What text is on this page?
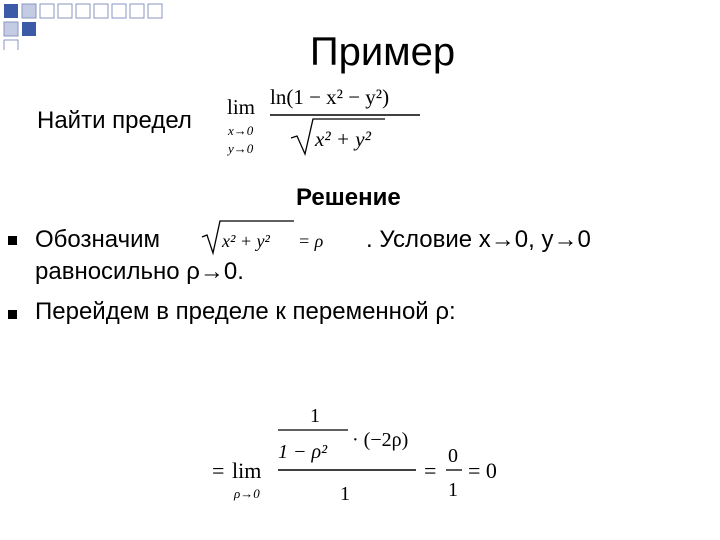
Пример
Найти предел lim
x→0
y→0
ln(1 − x² − y²)
x² + y²
Решение
Обозначим	x² + y² = ρ . Условие x→0, y→0
равносильно ρ→0.
Перейдем в пределе к переменной ρ:
= lim
ρ→0
1
1 − ρ²
· (−2ρ)
1
=
0
1
= 0
